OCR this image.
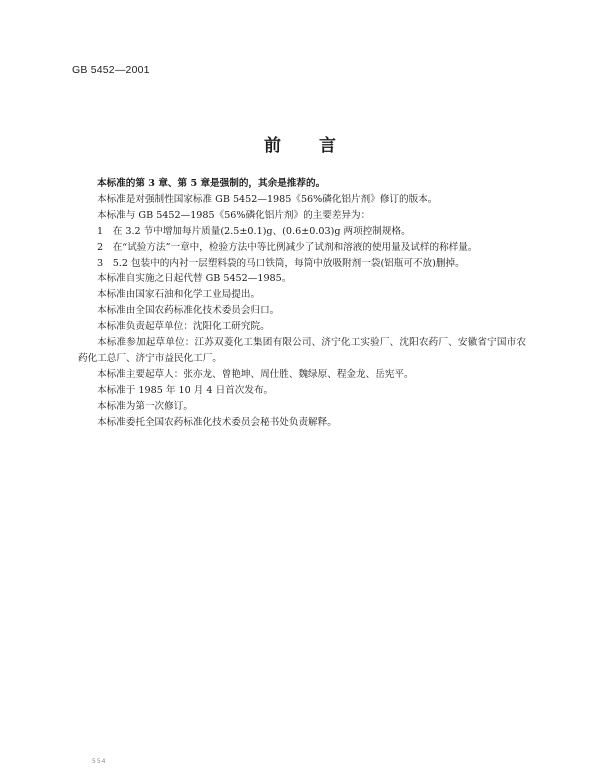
GB 5452—2001
前言

本标准的第 3 章、第 5 章是强制的，其余是推荐的。

本标准是对强制性国家标准 GB 5452—1985《56%磷化铝片剂》修订的版本。

本标准与 GB 5452—1985《56%磷化铝片剂》的主要差异为：

1　在 3.2 节中增加每片质量(2.5±0.1)g、(0.6±0.03)g 两项控制规格。

2　在“试验方法”一章中，检验方法中等比例减少了试剂和溶液的使用量及试样的称样量。

3　5.2 包装中的内衬一层塑料袋的马口铁筒，每筒中放吸附剂一袋(铝瓶可不放)删掉。

本标准自实施之日起代替 GB 5452—1985。

本标准由国家石油和化学工业局提出。

本标准由全国农药标准化技术委员会归口。

本标准负责起草单位：沈阳化工研究院。

本标准参加起草单位：江苏双菱化工集团有限公司、济宁化工实验厂、沈阳农药厂、安徽省宁国市农药化工总厂、济宁市益民化工厂。

本标准主要起草人：张亦龙、曾艳坤、周仕胜、魏绿原、程金龙、岳宪平。

本标准于 1985 年 10 月 4 日首次发布。

本标准为第一次修订。

本标准委托全国农药标准化技术委员会秘书处负责解释。

554
